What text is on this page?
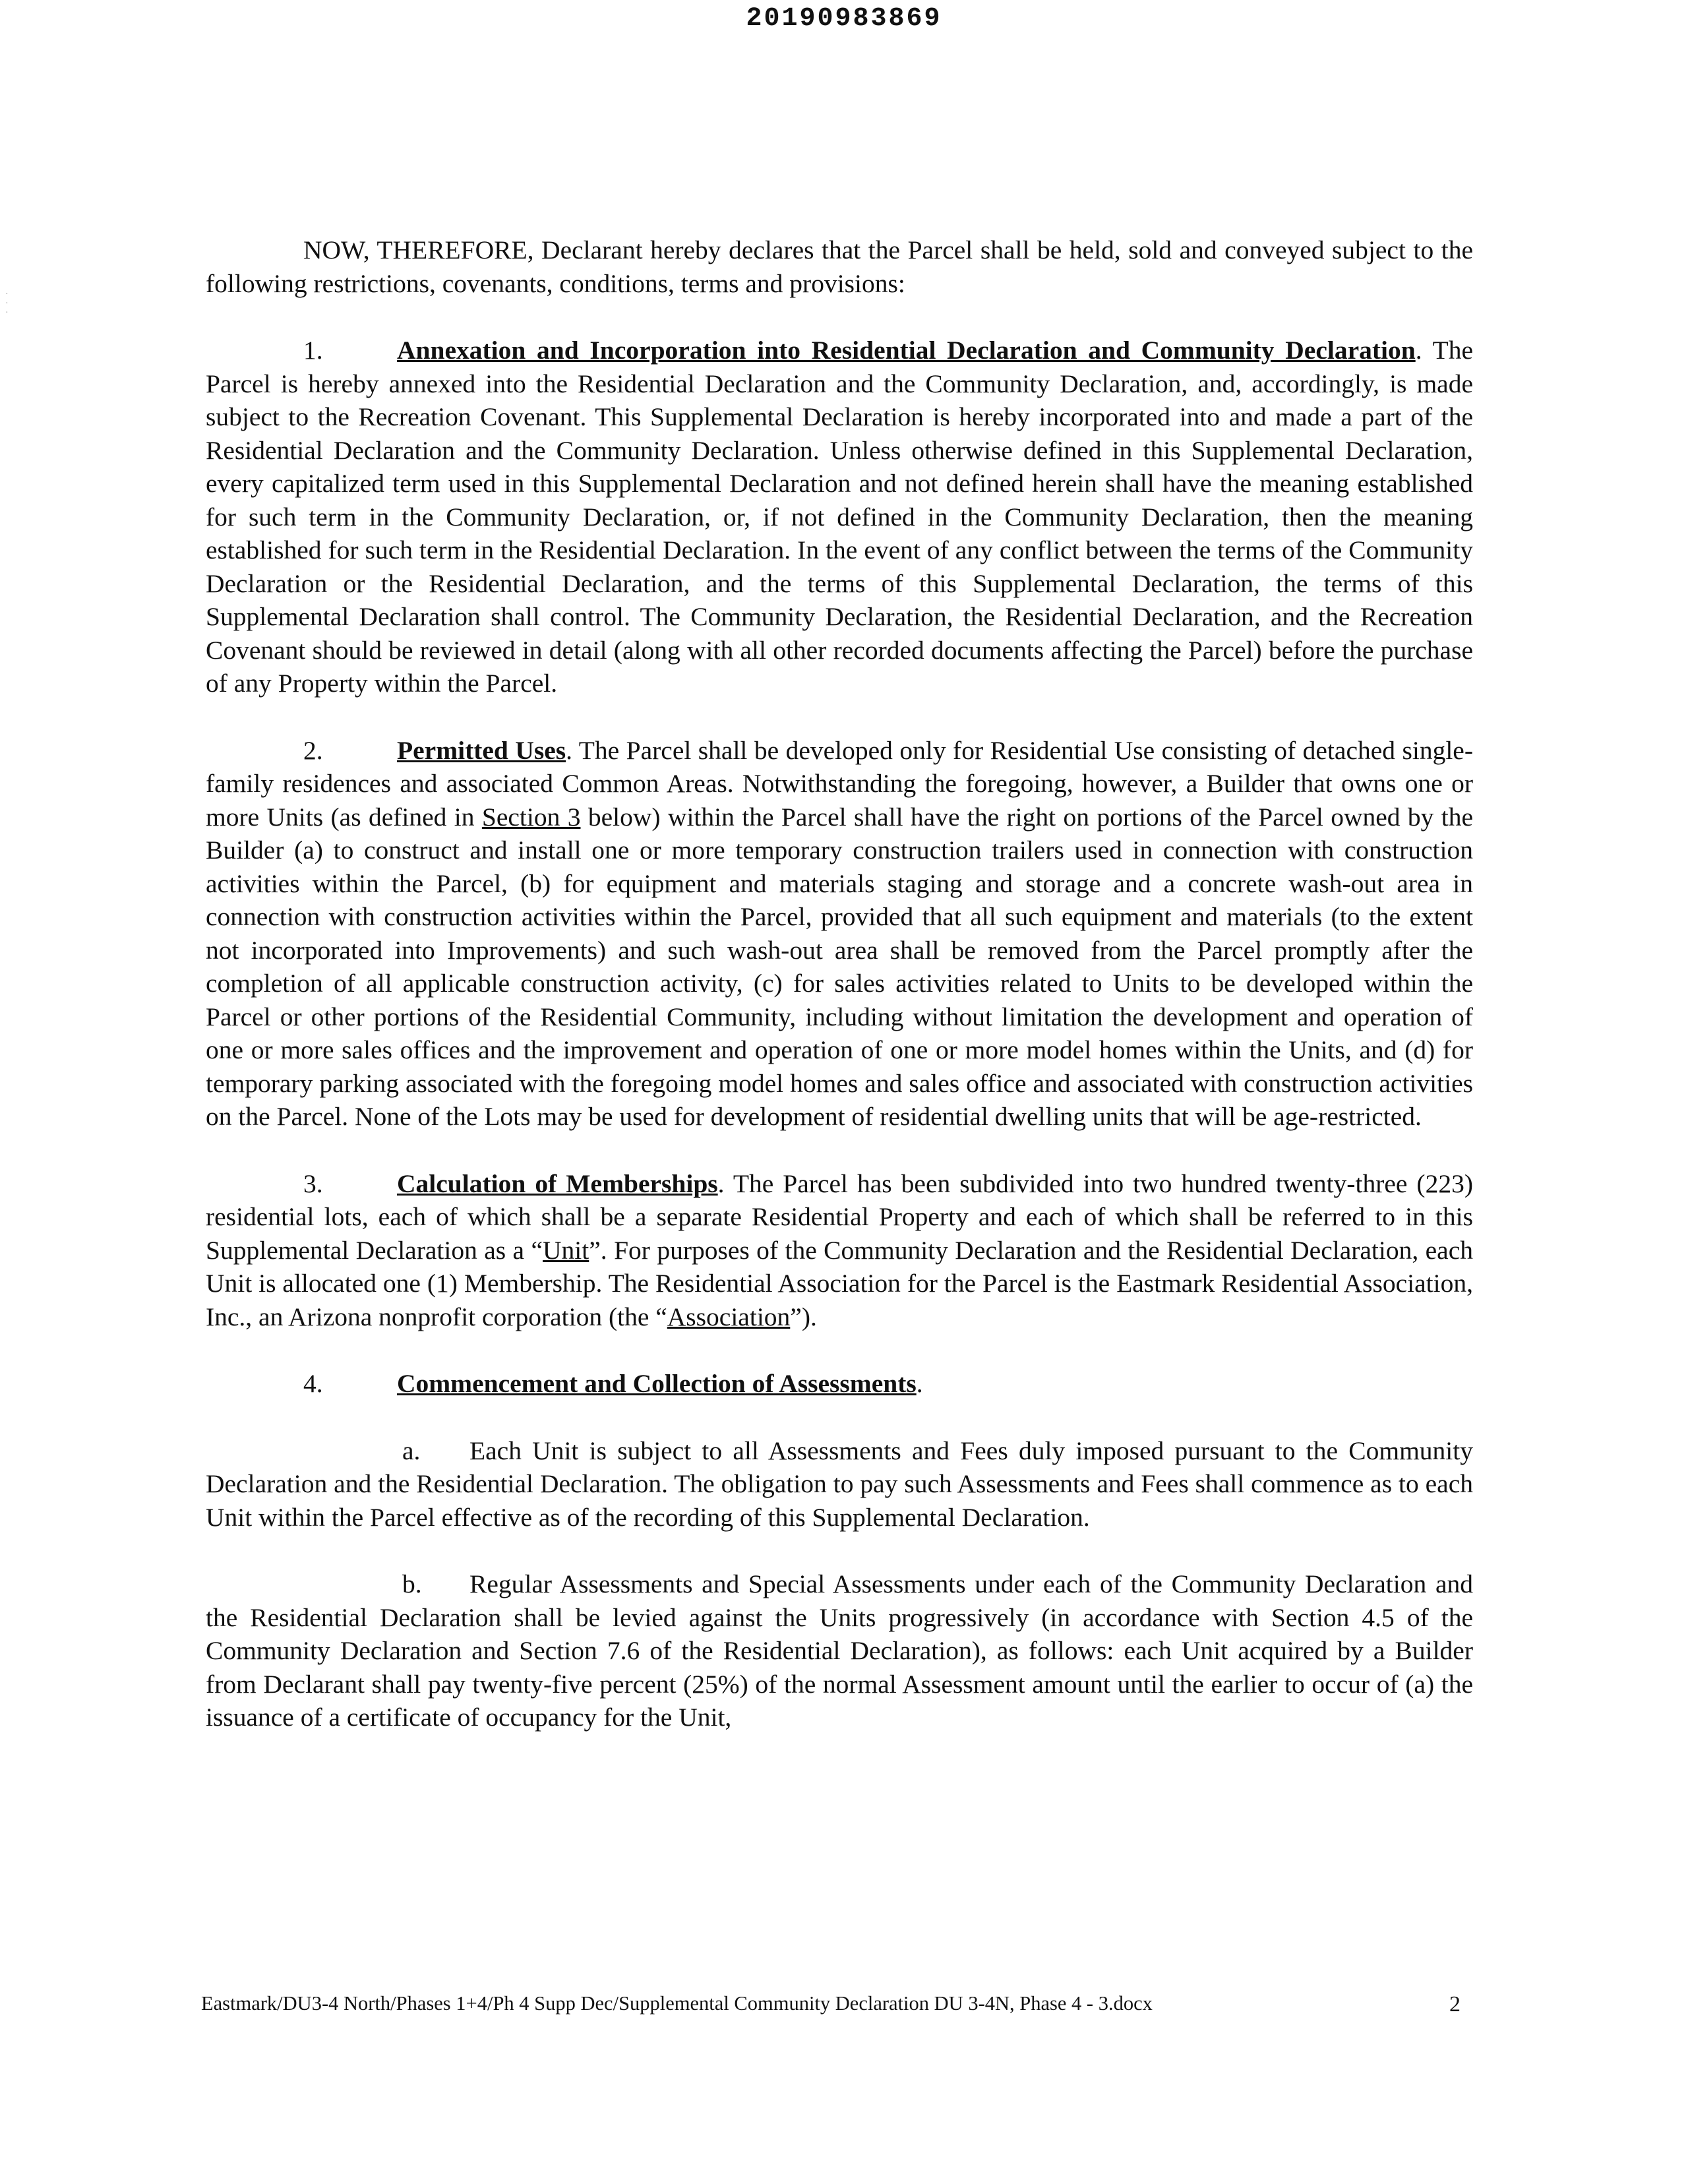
20190983869
·
·
·

NOW, THEREFORE, Declarant hereby declares that the Parcel shall be held, sold and conveyed subject to the following restrictions, covenants, conditions, terms and provisions:

1.	Annexation and Incorporation into Residential Declaration and Community Declaration. The Parcel is hereby annexed into the Residential Declaration and the Community Declaration, and, accordingly, is made subject to the Recreation Covenant. This Supplemental Declaration is hereby incorporated into and made a part of the Residential Declaration and the Community Declaration. Unless otherwise defined in this Supplemental Declaration, every capitalized term used in this Supplemental Declaration and not defined herein shall have the meaning established for such term in the Community Declaration, or, if not defined in the Community Declaration, then the meaning established for such term in the Residential Declaration. In the event of any conflict between the terms of the Community Declaration or the Residential Declaration, and the terms of this Supplemental Declaration, the terms of this Supplemental Declaration shall control. The Community Declaration, the Residential Declaration, and the Recreation Covenant should be reviewed in detail (along with all other recorded documents affecting the Parcel) before the purchase of any Property within the Parcel.

2.	Permitted Uses. The Parcel shall be developed only for Residential Use consisting of detached single-family residences and associated Common Areas. Notwithstanding the foregoing, however, a Builder that owns one or more Units (as defined in Section 3 below) within the Parcel shall have the right on portions of the Parcel owned by the Builder (a) to construct and install one or more temporary construction trailers used in connection with construction activities within the Parcel, (b) for equipment and materials staging and storage and a concrete wash-out area in connection with construction activities within the Parcel, provided that all such equipment and materials (to the extent not incorporated into Improvements) and such wash-out area shall be removed from the Parcel promptly after the completion of all applicable construction activity, (c) for sales activities related to Units to be developed within the Parcel or other portions of the Residential Community, including without limitation the development and operation of one or more sales offices and the improvement and operation of one or more model homes within the Units, and (d) for temporary parking associated with the foregoing model homes and sales office and associated with construction activities on the Parcel. None of the Lots may be used for development of residential dwelling units that will be age-restricted.

3.	Calculation of Memberships. The Parcel has been subdivided into two hundred twenty-three (223) residential lots, each of which shall be a separate Residential Property and each of which shall be referred to in this Supplemental Declaration as a “Unit”. For purposes of the Community Declaration and the Residential Declaration, each Unit is allocated one (1) Membership. The Residential Association for the Parcel is the Eastmark Residential Association, Inc., an Arizona nonprofit corporation (the “Association”).

4.	Commencement and Collection of Assessments.

a. Each Unit is subject to all Assessments and Fees duly imposed pursuant to the Community Declaration and the Residential Declaration. The obligation to pay such Assessments and Fees shall commence as to each Unit within the Parcel effective as of the recording of this Supplemental Declaration.

b. Regular Assessments and Special Assessments under each of the Community Declaration and the Residential Declaration shall be levied against the Units progressively (in accordance with Section 4.5 of the Community Declaration and Section 7.6 of the Residential Declaration), as follows: each Unit acquired by a Builder from Declarant shall pay twenty-five percent (25%) of the normal Assessment amount until the earlier to occur of (a) the issuance of a certificate of occupancy for the Unit,

Eastmark/DU3-4 North/Phases 1+4/Ph 4 Supp Dec/Supplemental Community Declaration DU 3-4N, Phase 4 - 3.docx	2
